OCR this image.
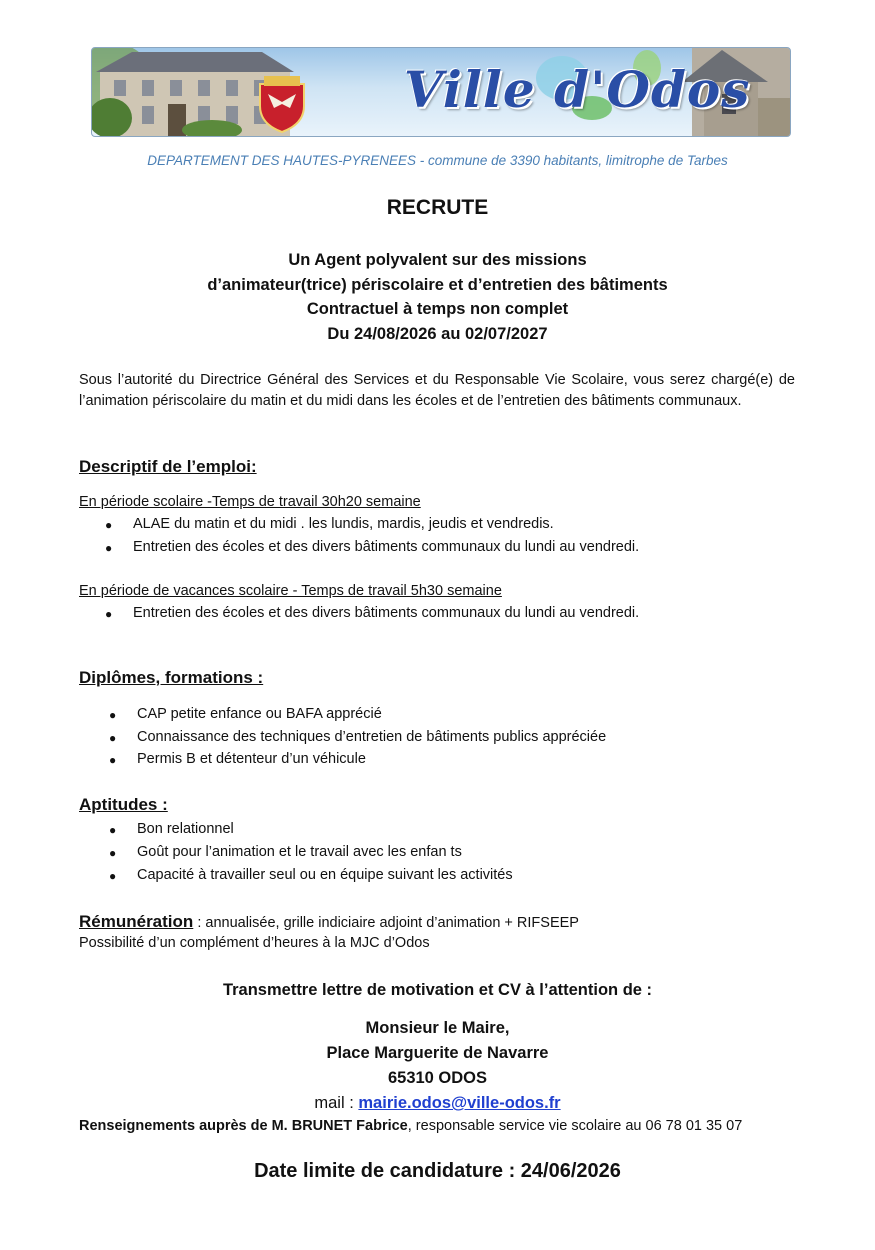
Ville d'Odos
DEPARTEMENT DES HAUTES-PYRENEES - commune de 3390 habitants, limitrophe de Tarbes
RECRUTE
Un Agent polyvalent sur des missions
d’animateur(trice) périscolaire et d’entretien des bâtiments
Contractuel à temps non complet
Du 24/08/2026 au 02/07/2027
Sous l’autorité du Directrice Général des Services et du Responsable Vie Scolaire, vous serez chargé(e) de l’animation périscolaire du matin et du midi dans les écoles et de l’entretien des bâtiments communaux.
Descriptif de l’emploi:
En période scolaire -Temps de travail 30h20 semaine
● ALAE du matin et du midi . les lundis, mardis, jeudis et vendredis.
● Entretien des écoles et des divers bâtiments communaux du lundi au vendredi.
En période de vacances scolaire - Temps de travail 5h30 semaine
● Entretien des écoles et des divers bâtiments communaux du lundi au vendredi.
Diplômes, formations :
● CAP petite enfance ou BAFA apprécié
● Connaissance des techniques d’entretien de bâtiments publics appréciée
● Permis B et détenteur d’un véhicule
Aptitudes :
● Bon relationnel
● Goût pour l’animation et le travail avec les enfan ts
● Capacité à travailler seul ou en équipe suivant les activités
Rémunération : annualisée, grille indiciaire adjoint d’animation + RIFSEEP
Possibilité d’un complément d’heures à la MJC d’Odos
Transmettre lettre de motivation et CV à l’attention de :
Monsieur le Maire,
Place Marguerite de Navarre
65310 ODOS
mail : mairie.odos@ville-odos.fr
Renseignements auprès de M. BRUNET Fabrice, responsable service vie scolaire au 06 78 01 35 07
Date limite de candidature : 24/06/2026
